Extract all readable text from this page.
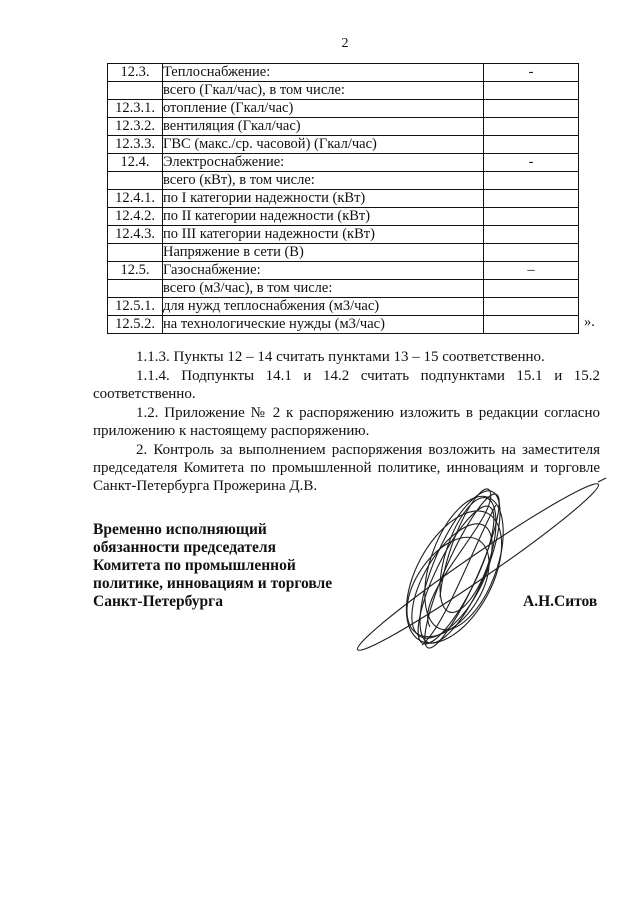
2
12.3.	Теплоснабжение:	-
	всего (Гкал/час), в том числе:	
12.3.1.	отопление (Гкал/час)	
12.3.2.	вентиляция (Гкал/час)	
12.3.3.	ГВС (макс./ср. часовой) (Гкал/час)	
12.4.	Электроснабжение:	-
	всего (кВт), в том числе:	
12.4.1.	по I категории надежности (кВт)	
12.4.2.	по II категории надежности (кВт)	
12.4.3.	по III категории надежности (кВт)	
	Напряжение в сети (В)	
12.5.	Газоснабжение:	–
	всего (м3/час), в том числе:	
12.5.1.	для нужд теплоснабжения (м3/час)	
12.5.2.	на технологические нужды (м3/час)		».

1.1.3. Пункты 12 – 14 считать пунктами 13 – 15 соответственно.

1.1.4. Подпункты 14.1 и 14.2 считать подпунктами 15.1 и 15.2 соответственно.

1.2. Приложение № 2 к распоряжению изложить в редакции согласно приложению к настоящему распоряжению.

2. Контроль за выполнением распоряжения возложить на заместителя председателя Комитета по промышленной политике, инновациям и торговле Санкт-Петербурга Прожерина Д.В.

Временно исполняющий
обязанности председателя
Комитета по промышленной
политике, инновациям и торговле
Санкт-Петербурга	А.Н.Ситов
